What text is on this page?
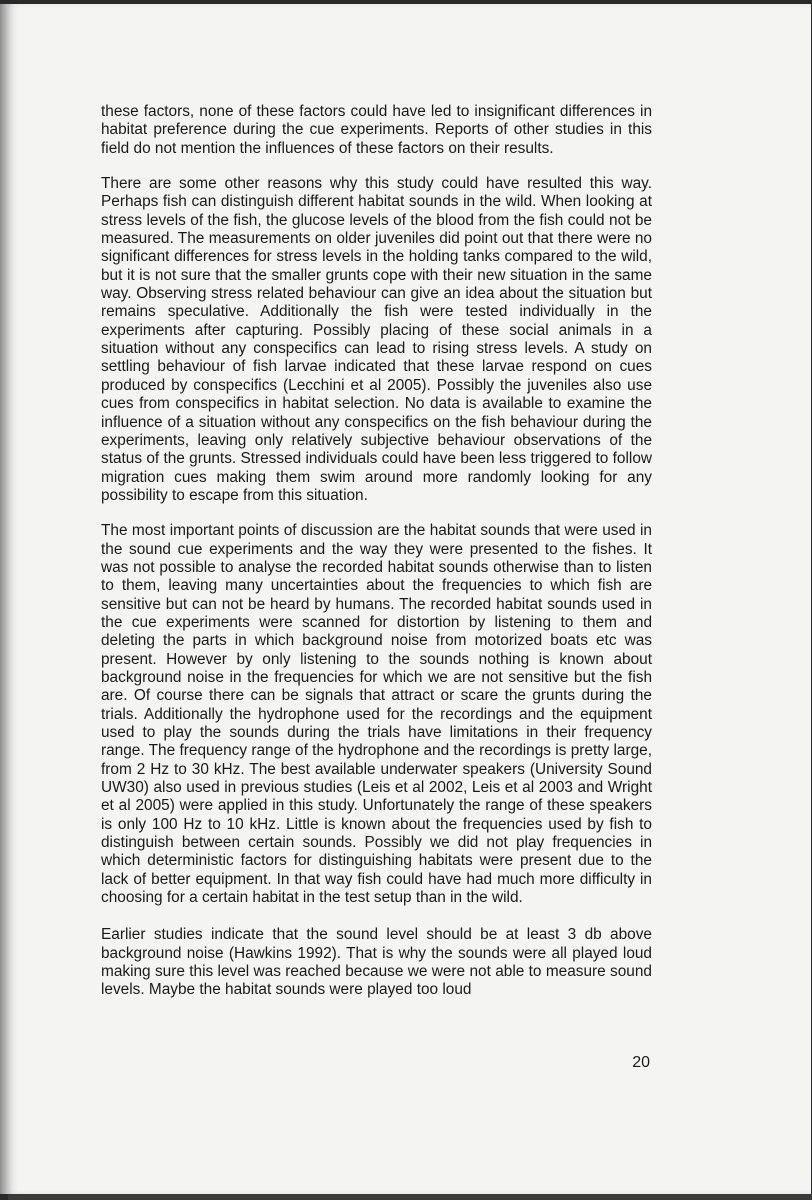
these factors, none of these factors could have led to insignificant differences in habitat preference during the cue experiments. Reports of other studies in this field do not mention the influences of these factors on their results.

There are some other reasons why this study could have resulted this way. Perhaps fish can distinguish different habitat sounds in the wild. When looking at stress levels of the fish, the glucose levels of the blood from the fish could not be measured. The measurements on older juveniles did point out that there were no significant differences for stress levels in the holding tanks compared to the wild, but it is not sure that the smaller grunts cope with their new situation in the same way. Observing stress related behaviour can give an idea about the situation but remains speculative. Additionally the fish were tested individually in the experiments after capturing. Possibly placing of these social animals in a situation without any conspecifics can lead to rising stress levels. A study on settling behaviour of fish larvae indicated that these larvae respond on cues produced by conspecifics (Lecchini et al 2005). Possibly the juveniles also use cues from conspecifics in habitat selection. No data is available to examine the influence of a situation without any conspecifics on the fish behaviour during the experiments, leaving only relatively subjective behaviour observations of the status of the grunts. Stressed individuals could have been less triggered to follow migration cues making them swim around more randomly looking for any possibility to escape from this situation.

The most important points of discussion are the habitat sounds that were used in the sound cue experiments and the way they were presented to the fishes. It was not possible to analyse the recorded habitat sounds otherwise than to listen to them, leaving many uncertainties about the frequencies to which fish are sensitive but can not be heard by humans. The recorded habitat sounds used in the cue experiments were scanned for distortion by listening to them and deleting the parts in which background noise from motorized boats etc was present. However by only listening to the sounds nothing is known about background noise in the frequencies for which we are not sensitive but the fish are. Of course there can be signals that attract or scare the grunts during the trials. Additionally the hydrophone used for the recordings and the equipment used to play the sounds during the trials have limitations in their frequency range. The frequency range of the hydrophone and the recordings is pretty large, from 2 Hz to 30 kHz. The best available underwater speakers (University Sound UW30) also used in previous studies (Leis et al 2002, Leis et al 2003 and Wright et al 2005) were applied in this study. Unfortunately the range of these speakers is only 100 Hz to 10 kHz. Little is known about the frequencies used by fish to distinguish between certain sounds. Possibly we did not play frequencies in which deterministic factors for distinguishing habitats were present due to the lack of better equipment. In that way fish could have had much more difficulty in choosing for a certain habitat in the test setup than in the wild.

Earlier studies indicate that the sound level should be at least 3 db above background noise (Hawkins 1992). That is why the sounds were all played loud making sure this level was reached because we were not able to measure sound levels. Maybe the habitat sounds were played too loud

20
